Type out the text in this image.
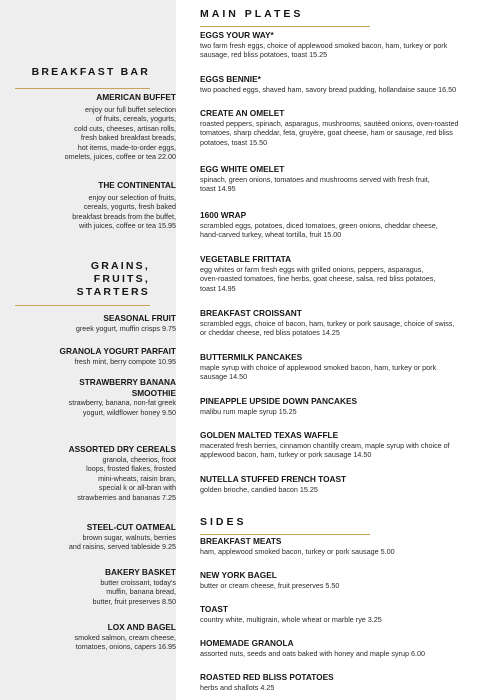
BREAKFAST BAR
AMERICAN BUFFET
enjoy our full buffet selection
of fruits, cereals, yogurts,
cold cuts, cheeses, artisan rolls,
fresh baked breakfast breads,
hot items, made-to-order eggs,
omelets, juices, coffee or tea 22.00
THE CONTINENTAL
enjoy our selection of fruits,
cereals, yogurts, fresh baked
breakfast breads from the buffet,
with juices, coffee or tea 15.95
GRAINS,
FRUITS,
STARTERS
SEASONAL FRUIT
greek yogurt, muffin crisps 9.75
GRANOLA YOGURT PARFAIT
fresh mint, berry compote 10.95
STRAWBERRY BANANA
SMOOTHIE
strawberry, banana, non-fat greek
yogurt, wildflower honey 9.50
ASSORTED DRY CEREALS
granola, cheerios, froot
loops, frosted flakes, frosted
mini-wheats, raisin bran,
special k or all-bran with
strawberries and bananas 7.25
STEEL-CUT OATMEAL
brown sugar, walnuts, berries
and raisins, served tableside 9.25
BAKERY BASKET
butter croissant, today's
muffin, banana bread,
butter, fruit preserves 8.50
LOX AND BAGEL
smoked salmon, cream cheese,
tomatoes, onions, capers 16.95
MAIN PLATES
EGGS YOUR WAY*
two farm fresh eggs, choice of applewood smoked bacon, ham, turkey or pork
sausage, red bliss potatoes, toast 15.25
EGGS BENNIE*
two poached eggs, shaved ham, savory bread pudding, hollandaise sauce 16.50
CREATE AN OMELET
roasted peppers, spinach, asparagus, mushrooms, sautéed onions, oven-roasted
tomatoes, sharp cheddar, feta, gruyère, goat cheese, ham or sausage, red bliss
potatoes, toast 15.50
EGG WHITE OMELET
spinach, green onions, tomatoes and mushrooms served with fresh fruit,
toast 14.95
1600 WRAP
scrambled eggs, potatoes, diced tomatoes, green onions, cheddar cheese,
hand-carved turkey, wheat tortilla, fruit 15.00
VEGETABLE FRITTATA
egg whites or farm fresh eggs with grilled onions, peppers, asparagus,
oven-roasted tomatoes, fine herbs, goat cheese, salsa, red bliss potatoes,
toast 14.95
BREAKFAST CROISSANT
scrambled eggs, choice of bacon, ham, turkey or pork sausage, choice of swiss,
or cheddar cheese, red bliss potatoes 14.25
BUTTERMILK PANCAKES
maple syrup with choice of applewood smoked bacon, ham, turkey or pork
sausage 14.50
PINEAPPLE UPSIDE DOWN PANCAKES
malibu rum maple syrup 15.25
GOLDEN MALTED TEXAS WAFFLE
macerated fresh berries, cinnamon chantilly cream, maple syrup with choice of
applewood bacon, ham, turkey or pork sausage 14.50
NUTELLA STUFFED FRENCH TOAST
golden brioche, candied bacon 15.25
SIDES
BREAKFAST MEATS
ham, applewood smoked bacon, turkey or pork sausage 5.00
NEW YORK BAGEL
butter or cream cheese, fruit preserves 5.50
TOAST
country white, multigrain, whole wheat or marble rye 3.25
HOMEMADE GRANOLA
assorted nuts, seeds and oats baked with honey and maple syrup 6.00
ROASTED RED BLISS POTATOES
herbs and shallots 4.25
